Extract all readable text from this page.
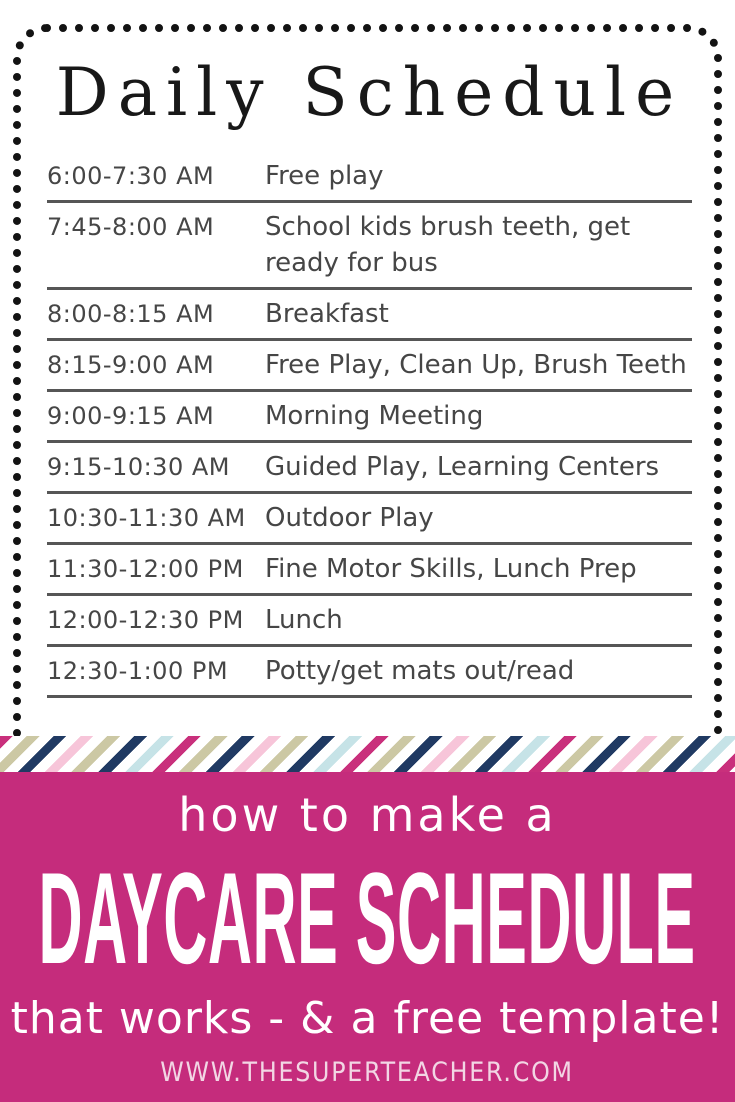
Daily Schedule
6:00-7:30 AM	Free play
7:45-8:00 AM	School kids brush teeth, get ready for bus
8:00-8:15 AM	Breakfast
8:15-9:00 AM	Free Play, Clean Up, Brush Teeth
9:00-9:15 AM	Morning Meeting
9:15-10:30 AM	Guided Play, Learning Centers
10:30-11:30 AM Outdoor Play
11:30-12:00 PM Fine Motor Skills, Lunch Prep
12:00-12:30 PM Lunch
12:30-1:00 PM	Potty/get mats out/read
how to make a
DAYCARE SCHEDULE
that works - & a free template!
WWW.THESUPERTEACHER.COM
